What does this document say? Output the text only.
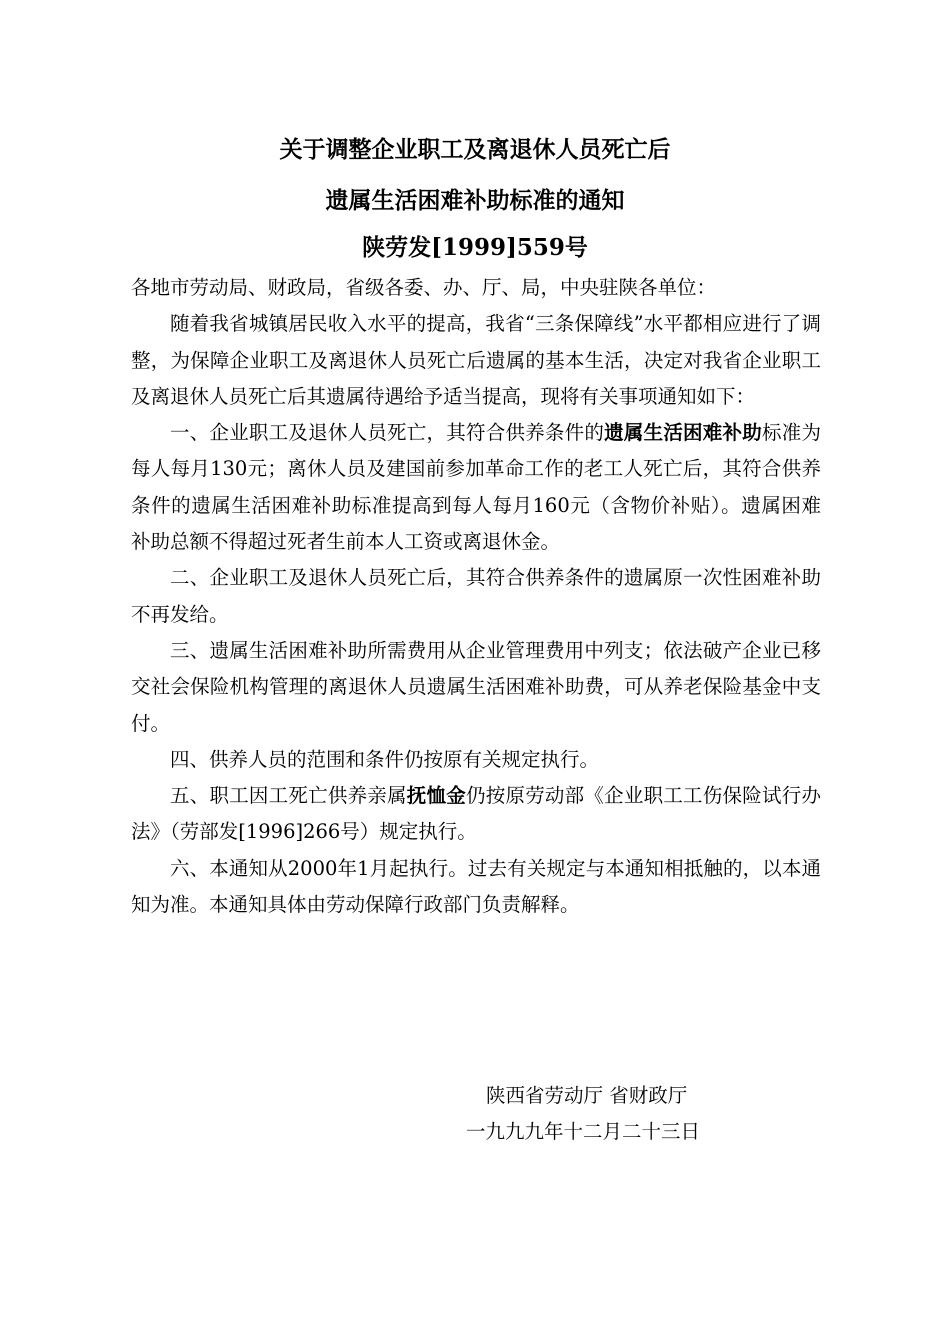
关于调整企业职工及离退休人员死亡后
遗属生活困难补助标准的通知
陕劳发[1999]559号

各地市劳动局、财政局，省级各委、办、厅、局，中央驻陕各单位：

随着我省城镇居民收入水平的提高，我省“三条保障线”水平都相应进行了调整，为保障企业职工及离退休人员死亡后遗属的基本生活，决定对我省企业职工及离退休人员死亡后其遗属待遇给予适当提高，现将有关事项通知如下：

一、企业职工及退休人员死亡，其符合供养条件的遗属生活困难补助标准为每人每月130元；离休人员及建国前参加革命工作的老工人死亡后，其符合供养条件的遗属生活困难补助标准提高到每人每月160元（含物价补贴）。遗属困难补助总额不得超过死者生前本人工资或离退休金。

二、企业职工及退休人员死亡后，其符合供养条件的遗属原一次性困难补助不再发给。

三、遗属生活困难补助所需费用从企业管理费用中列支；依法破产企业已移交社会保险机构管理的离退休人员遗属生活困难补助费，可从养老保险基金中支付。

四、供养人员的范围和条件仍按原有关规定执行。

五、职工因工死亡供养亲属抚恤金仍按原劳动部《企业职工工伤保险试行办法》（劳部发[1996]266号）规定执行。

六、本通知从2000年1月起执行。过去有关规定与本通知相抵触的，以本通知为准。本通知具体由劳动保障行政部门负责解释。

陕西省劳动厅 省财政厅
一九九九年十二月二十三日
